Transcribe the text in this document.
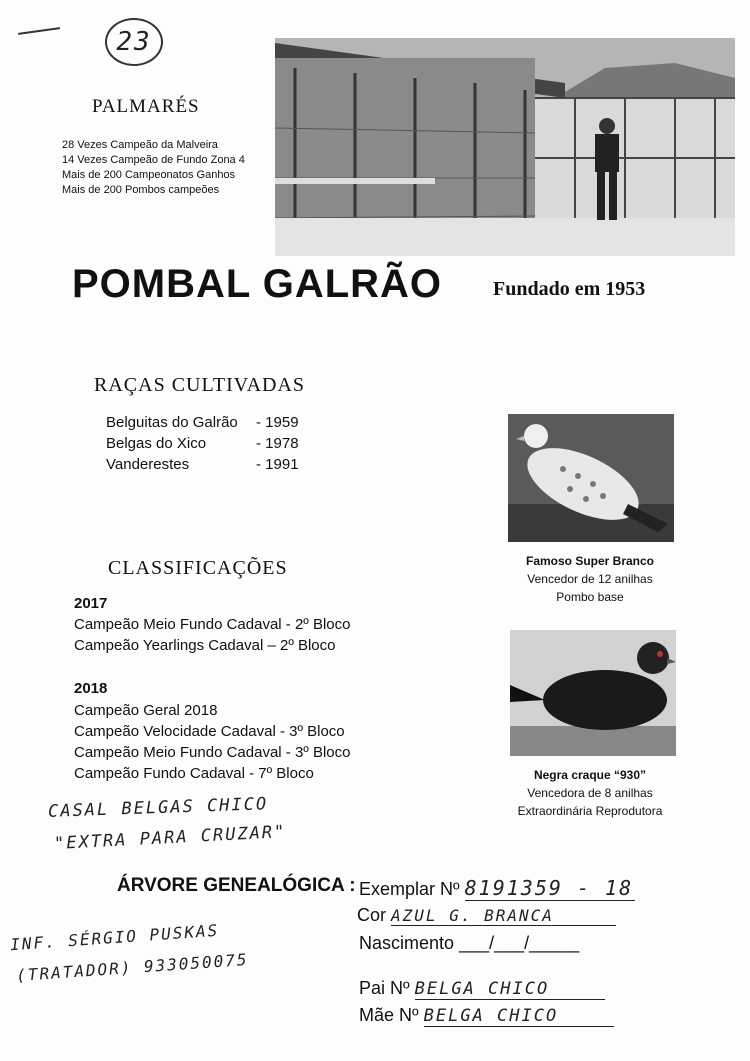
23
PALMARÉS
28 Vezes Campeão da Malveira
14 Vezes Campeão de Fundo Zona 4
Mais de 200 Campeonatos Ganhos
Mais de 200 Pombos campeões
POMBAL GALRÃO	Fundado em 1953
RAÇAS CULTIVADAS
Belguitas do Galrão - 1959
Belgas do Xico	- 1978
Vanderestes	- 1991
Famoso Super Branco
Vencedor de 12 anilhas
Pombo base
CLASSIFICAÇÕES
2017
Campeão Meio Fundo Cadaval - 2º Bloco
Campeão Yearlings Cadaval – 2º Bloco
2018
Campeão Geral 2018
Campeão Velocidade Cadaval - 3º Bloco
Campeão Meio Fundo Cadaval - 3º Bloco
Campeão Fundo Cadaval - 7º Bloco	Negra craque “930”
Vencedora de 8 anilhas
Extraordinária Reprodutora
CASAL BELGAS CHICO
"EXTRA PARA CRUZAR"
ÁRVORE GENEALÓGICA : Exemplar Nº 8191359 - 18
Cor AZUL G. BRANCA
Nascimento ___/___/_____
INF. SÉRGIO PUSKAS
(TRATADOR) 933050075
Pai Nº BELGA CHICO
Mãe Nº BELGA CHICO
